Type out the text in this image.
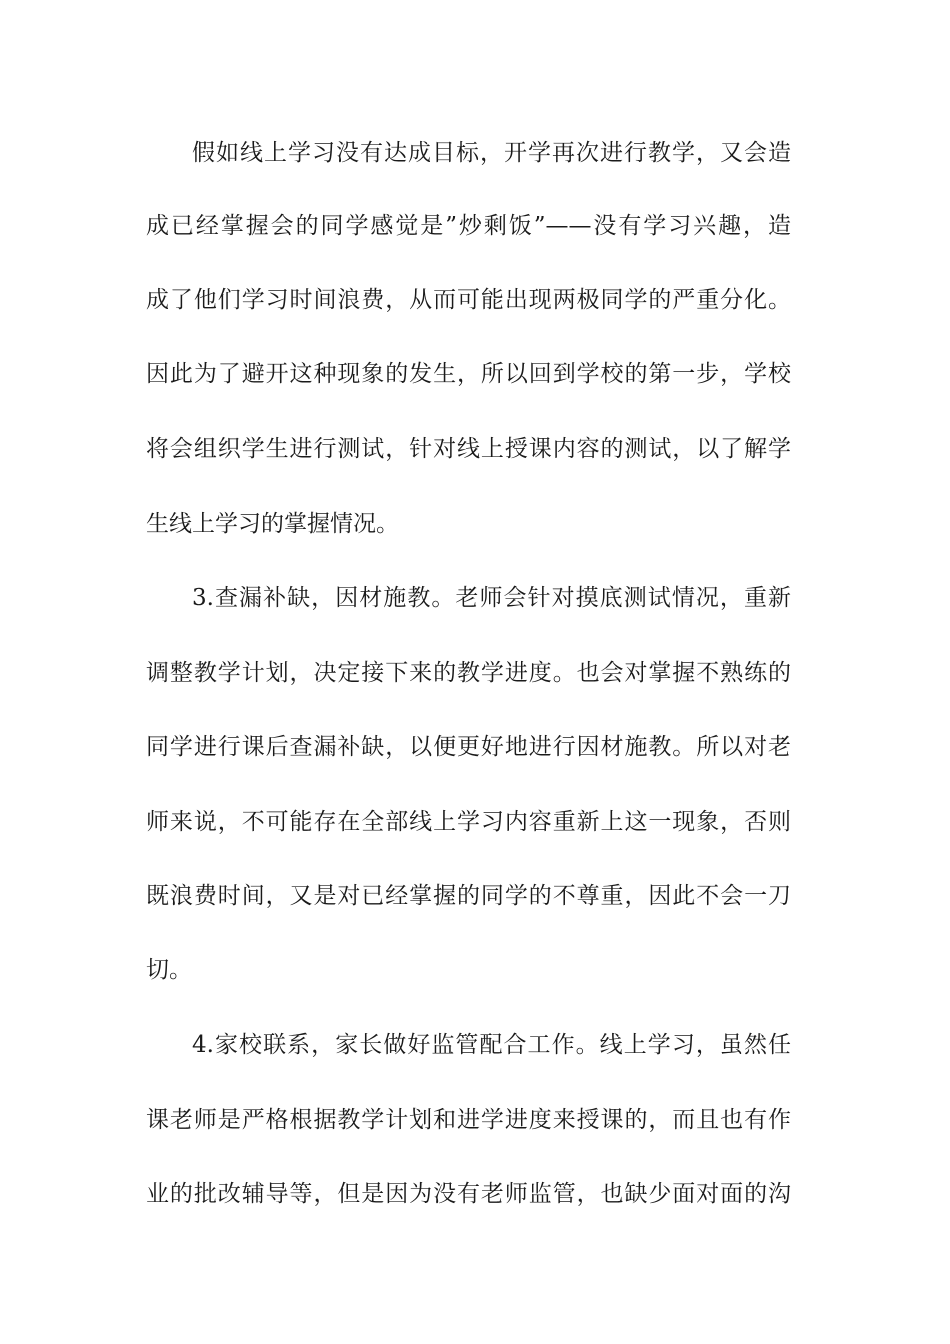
假如线上学习没有达成目标，开学再次进行教学，又会造
成已经掌握会的同学感觉是”炒剩饭”——没有学习兴趣，造
成了他们学习时间浪费，从而可能出现两极同学的严重分化。
因此为了避开这种现象的发生，所以回到学校的第一步，学校
将会组织学生进行测试，针对线上授课内容的测试，以了解学
生线上学习的掌握情况。
3.查漏补缺，因材施教。老师会针对摸底测试情况，重新
调整教学计划，决定接下来的教学进度。也会对掌握不熟练的
同学进行课后查漏补缺，以便更好地进行因材施教。所以对老
师来说，不可能存在全部线上学习内容重新上这一现象，否则
既浪费时间，又是对已经掌握的同学的不尊重，因此不会一刀
切。
4.家校联系，家长做好监管配合工作。线上学习，虽然任
课老师是严格根据教学计划和进学进度来授课的，而且也有作
业的批改辅导等，但是因为没有老师监管，也缺少面对面的沟
